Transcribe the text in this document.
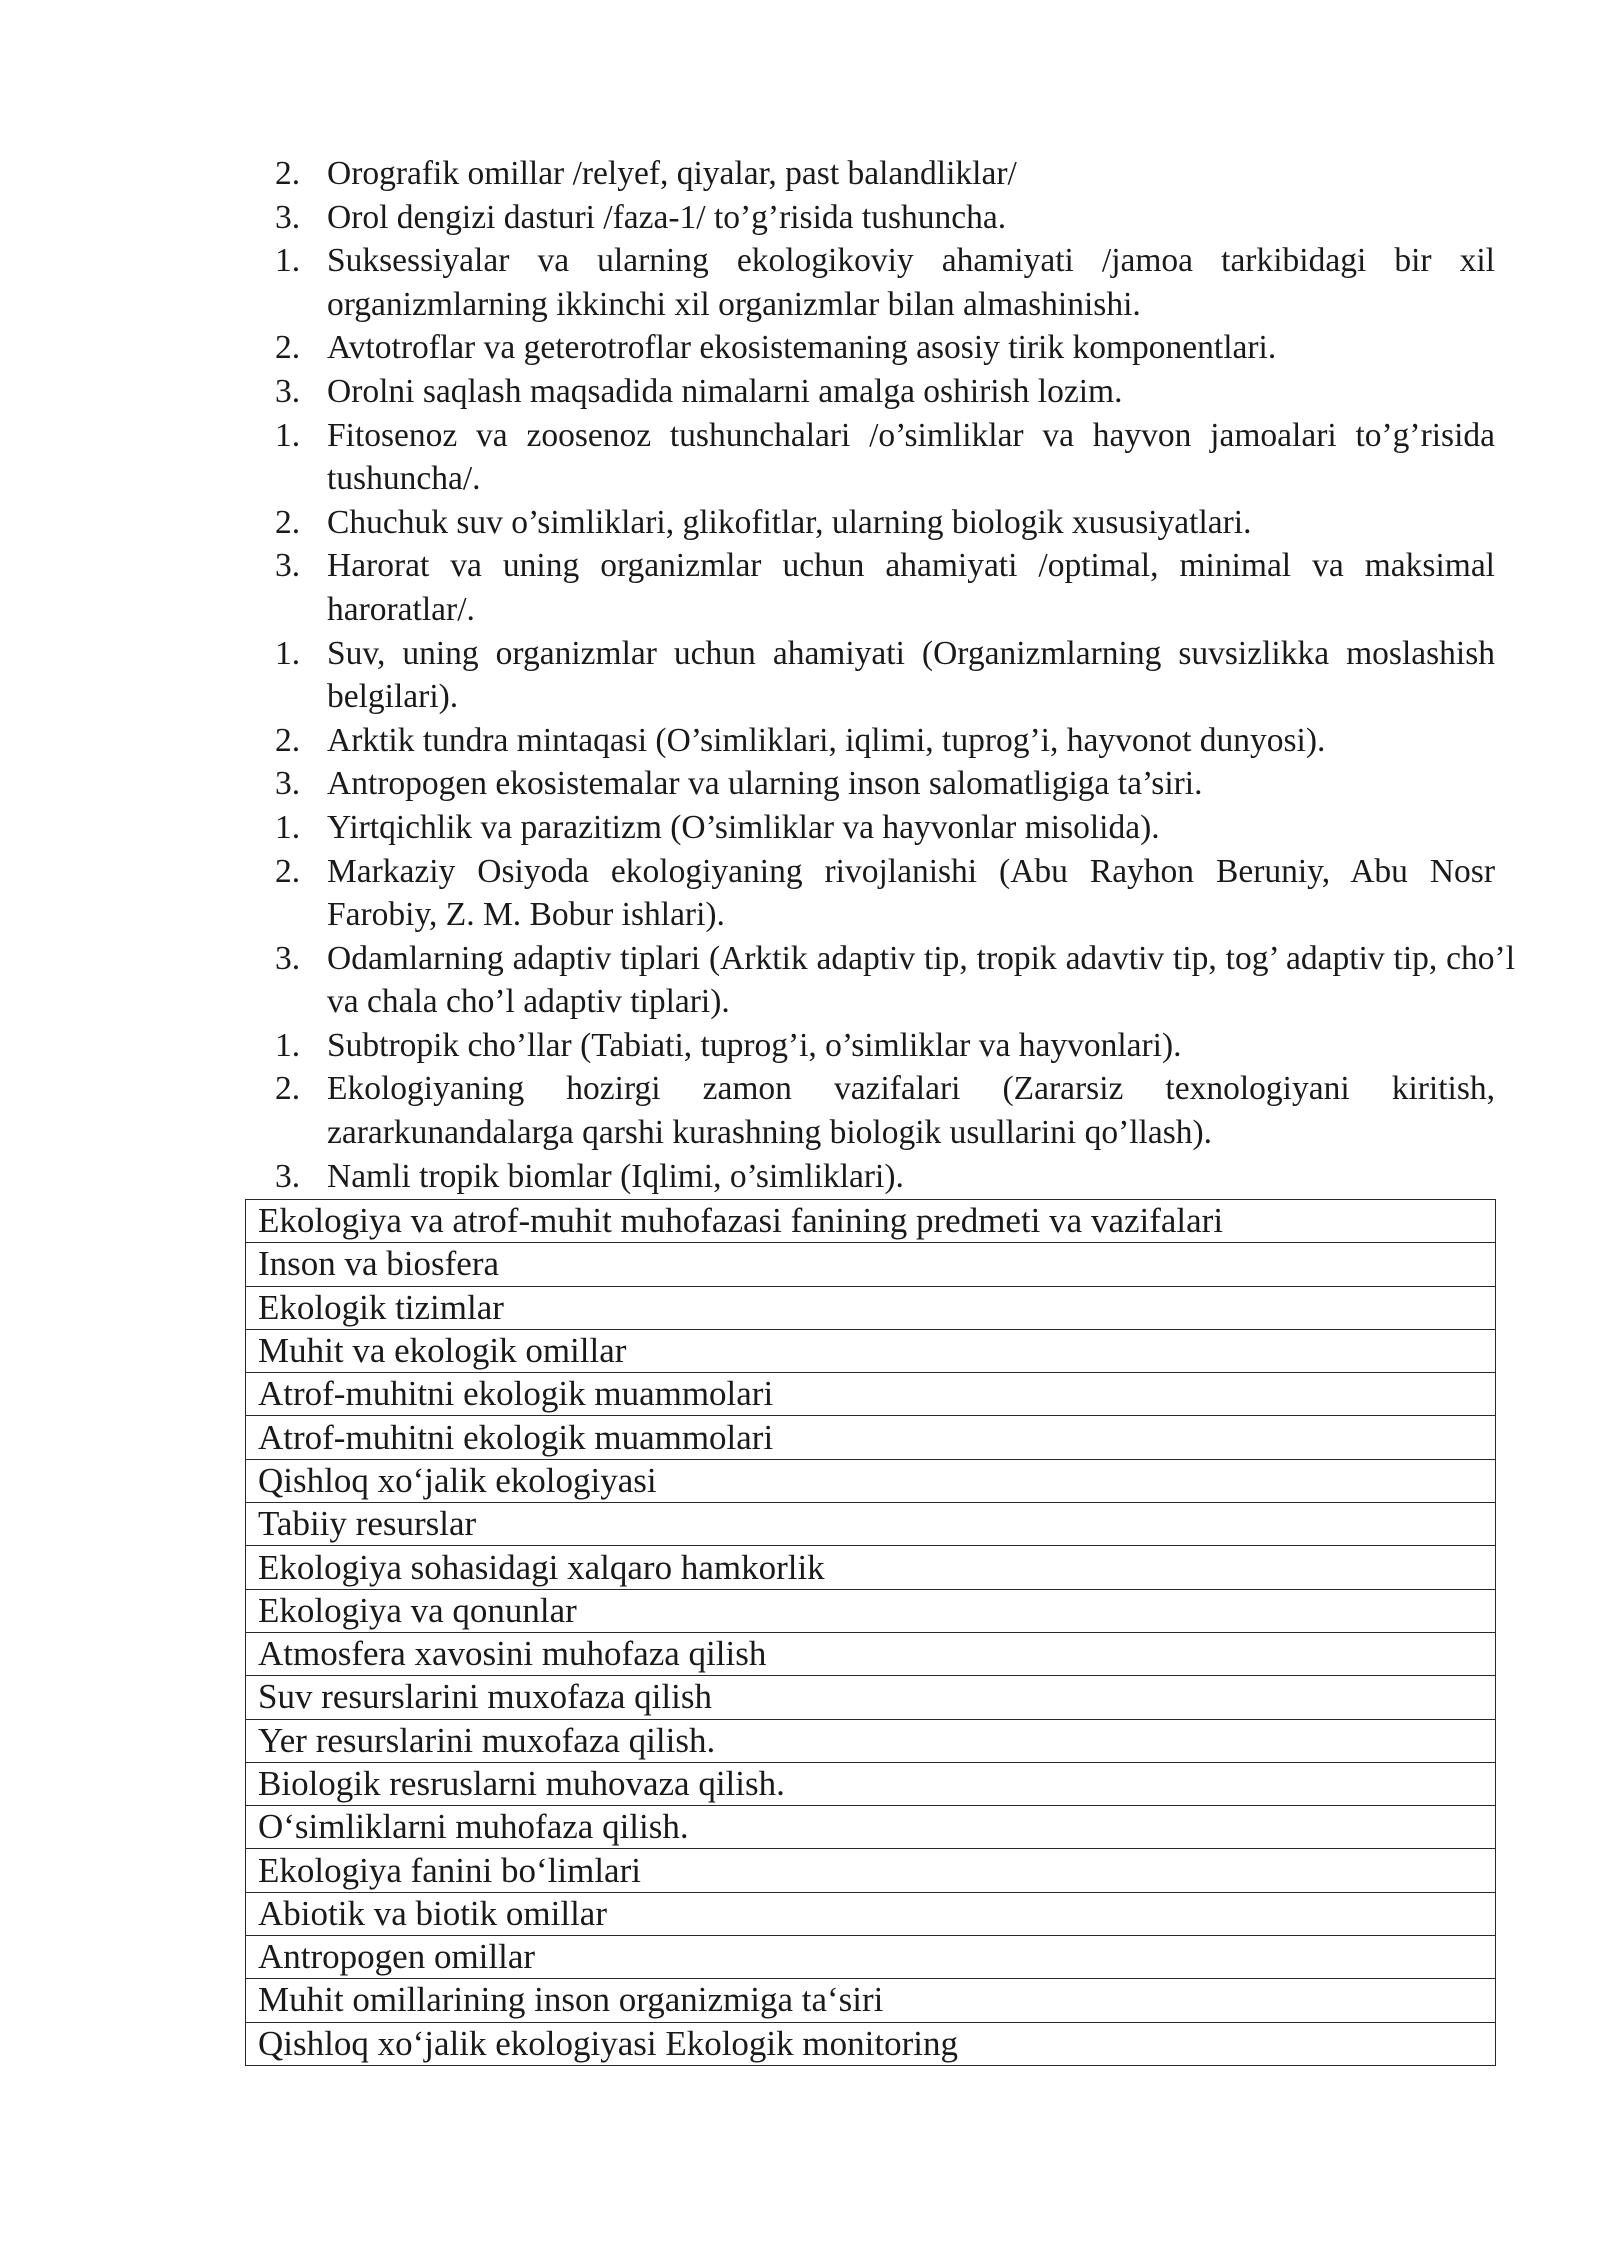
2. Orografik omillar /relyef, qiyalar, past balandliklar/
3. Orol dengizi dasturi /faza-1/ to’g’risida tushuncha.
1. Suksessiyalar va ularning ekologikoviy ahamiyati /jamoa tarkibidagi bir xil organizmlarning ikkinchi xil organizmlar bilan almashinishi.
2. Avtotroflar va geterotroflar ekosistemaning asosiy tirik komponentlari.
3. Orolni saqlash maqsadida nimalarni amalga oshirish lozim.
1. Fitosenoz va zoosenoz tushunchalari /o’simliklar va hayvon jamoalari to’g’risida tushuncha/.
2. Chuchuk suv o’simliklari, glikofitlar, ularning biologik xususiyatlari.
3. Harorat va uning organizmlar uchun ahamiyati /optimal, minimal va maksimal haroratlar/.
1. Suv, uning organizmlar uchun ahamiyati (Organizmlarning suvsizlikka moslashish belgilari).
2. Arktik tundra mintaqasi (O’simliklari, iqlimi, tuprog’i, hayvonot dunyosi).
3. Antropogen ekosistemalar va ularning inson salomatligiga ta’siri.
1. Yirtqichlik va parazitizm (O’simliklar va hayvonlar misolida).
2. Markaziy Osiyoda ekologiyaning rivojlanishi (Abu Rayhon Beruniy, Abu Nosr Farobiy, Z. M. Bobur ishlari).
3. Odamlarning adaptiv tiplari (Arktik adaptiv tip, tropik adavtiv tip, tog’ adaptiv tip, cho’l va chala cho’l adaptiv tiplari).
1. Subtropik cho’llar (Tabiati, tuprog’i, o’simliklar va hayvonlari).
2. Ekologiyaning hozirgi zamon vazifalari (Zararsiz texnologiyani kiritish, zararkunandalarga qarshi kurashning biologik usullarini qo’llash).
3. Namli tropik biomlar (Iqlimi, o’simliklari).
Ekologiya va atrof-muhit muhofazasi fanining predmeti va vazifalari
Inson va biosfera
Ekologik tizimlar
Muhit va ekologik omillar
Atrof-muhitni ekologik muammolari
Atrof-muhitni ekologik muammolari
Qishloq xo‘jalik ekologiyasi
Tabiiy resurslar
Ekologiya sohasidagi xalqaro hamkorlik
Ekologiya va qonunlar
Atmosfera xavosini muhofaza qilish
Suv resurslarini muxofaza qilish
Yer resurslarini muxofaza qilish.
Biologik resruslarni muhovaza qilish.
O‘simliklarni muhofaza qilish.
Ekologiya fanini bo‘limlari
Abiotik va biotik omillar
Antropogen omillar
Muhit omillarining inson organizmiga ta‘siri
Qishloq xo‘jalik ekologiyasi Ekologik monitoring
